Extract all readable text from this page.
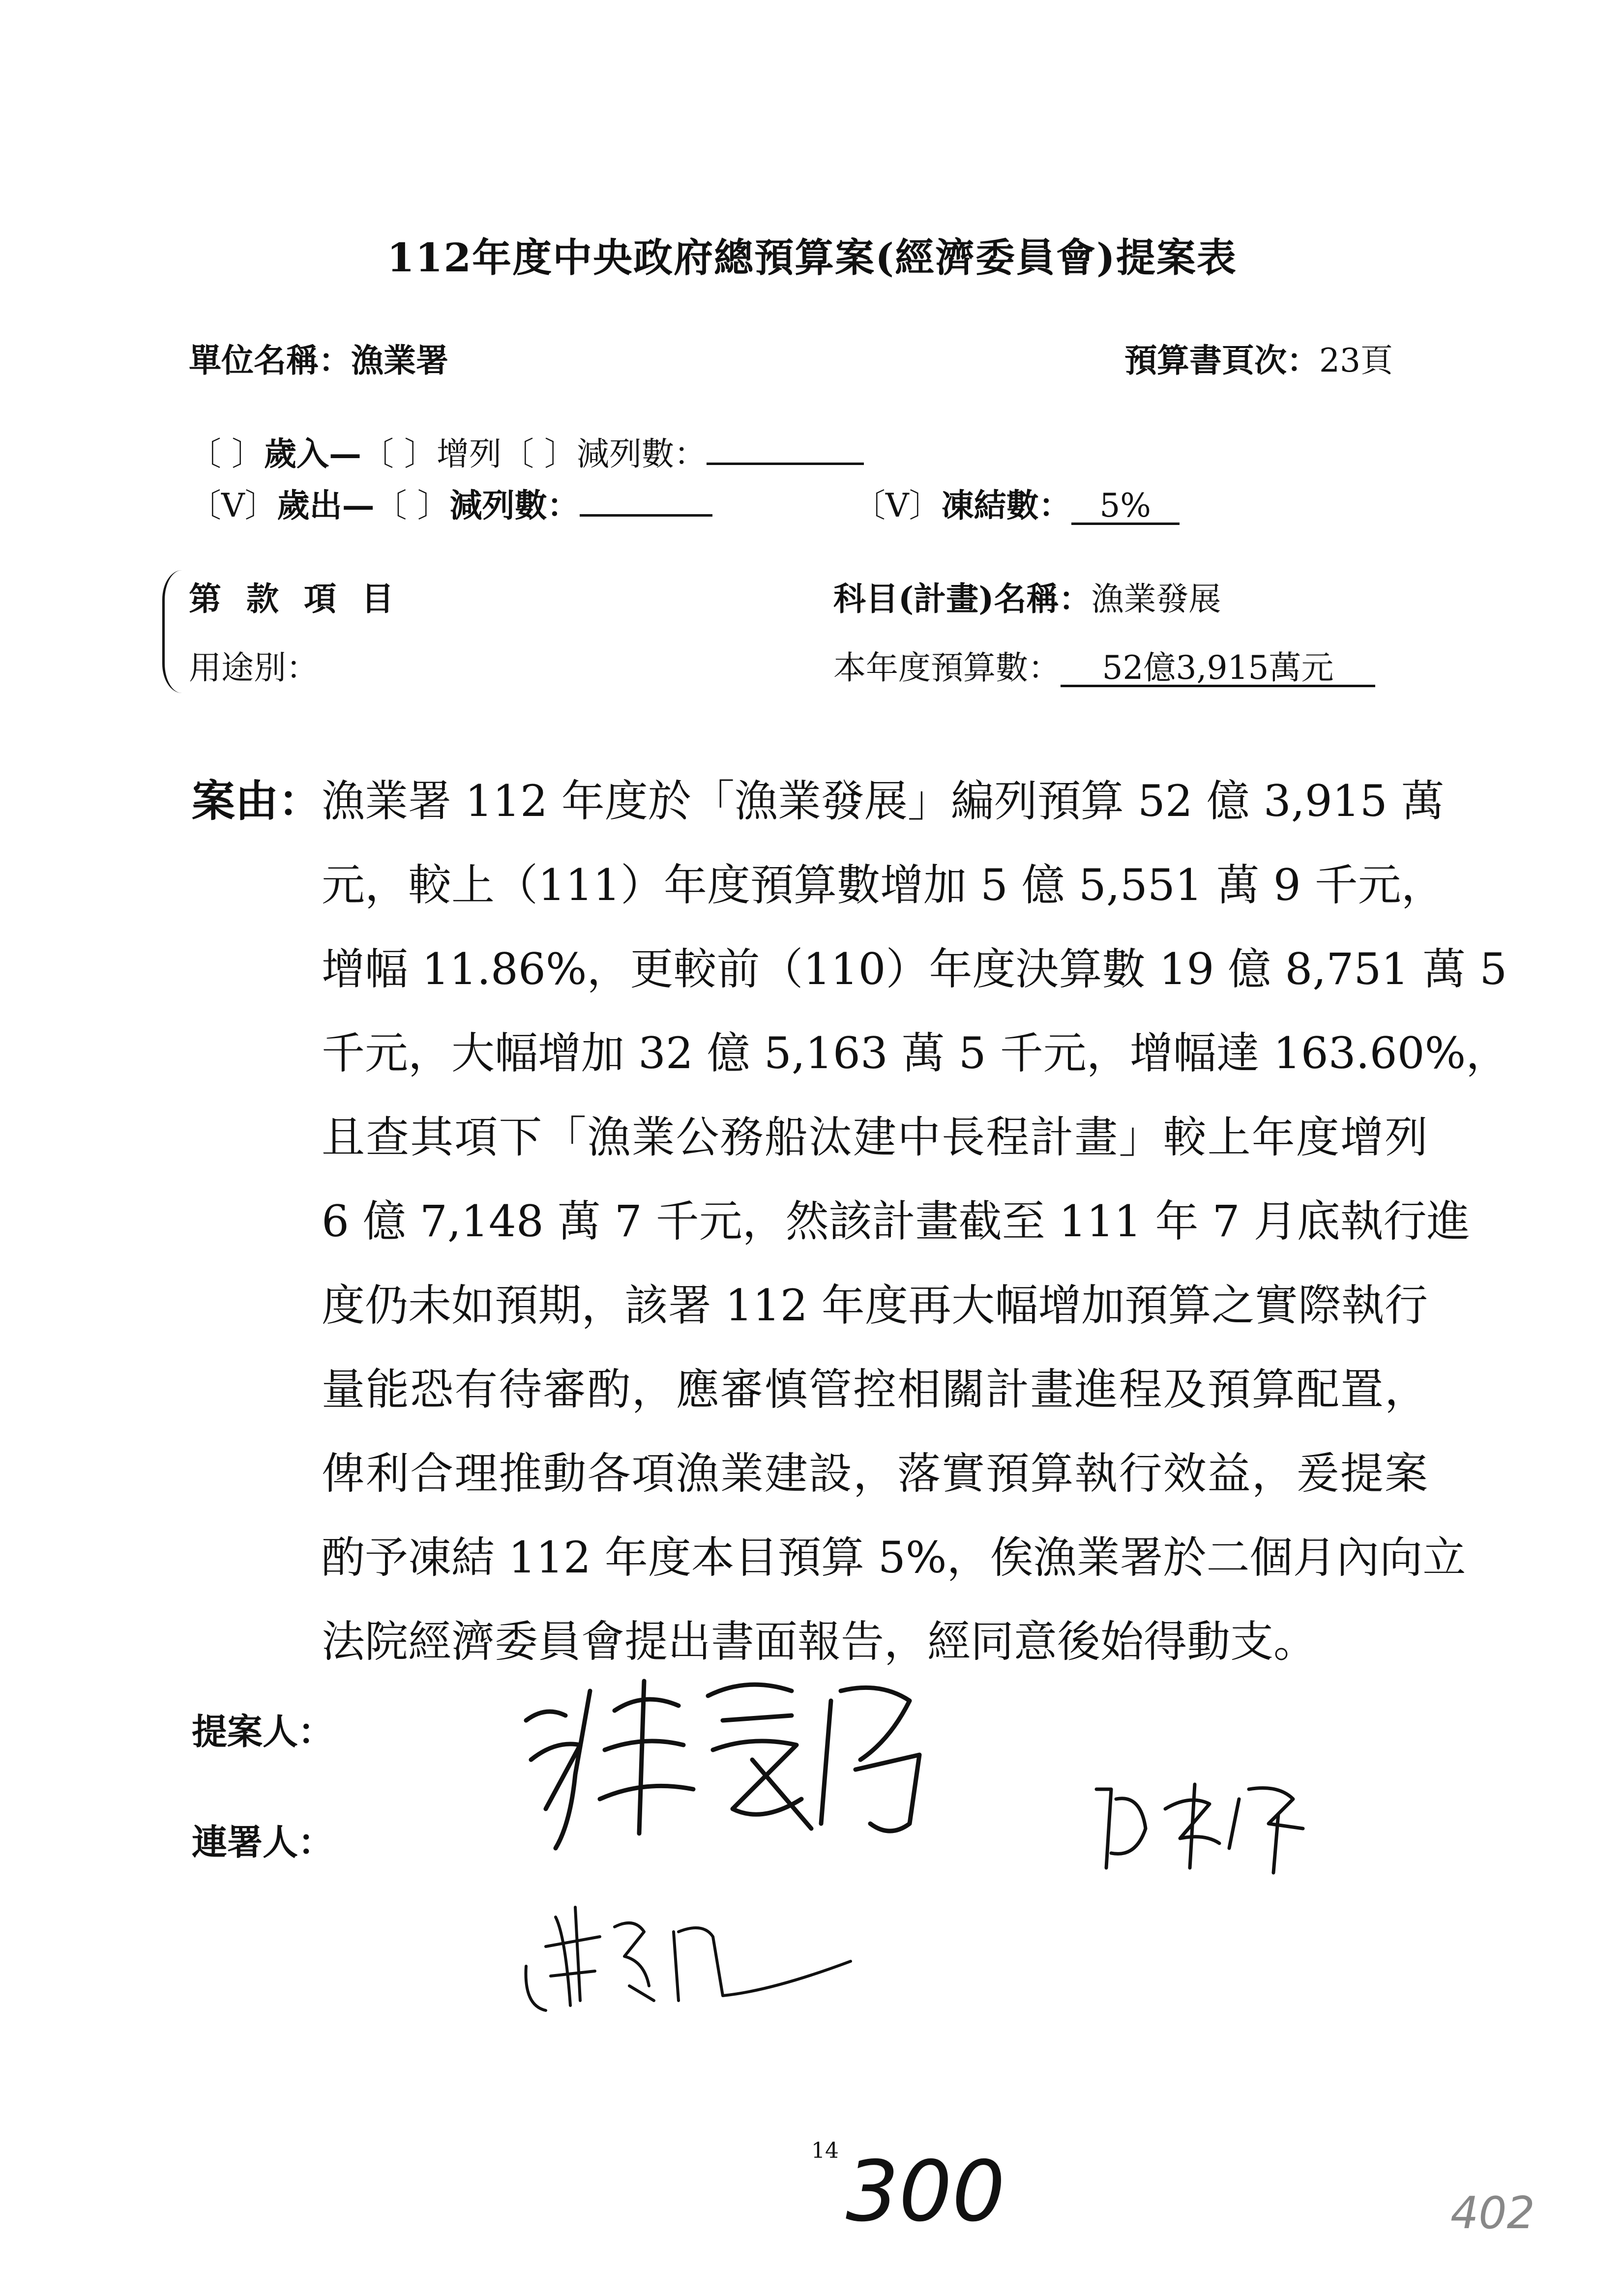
112年度中央政府總預算案(經濟委員會)提案表
單位名稱：漁業署	預算書頁次：23頁
〔 〕歲入—〔 〕增列〔 〕減列數：
〔V〕歲出—〔 〕減列數：	〔V〕凍結數： 5%
第 款 項 目
用途別：
科目(計畫)名稱：漁業發展
本年度預算數： 52億3,915萬元
案由： 漁業署 112 年度於「漁業發展」編列預算 52 億 3,915 萬
元，較上（111）年度預算數增加 5 億 5,551 萬 9 千元，
增幅 11.86%，更較前（110）年度決算數 19 億 8,751 萬 5
千元，大幅增加 32 億 5,163 萬 5 千元，增幅達 163.60%，
且查其項下「漁業公務船汰建中長程計畫」較上年度增列
6 億 7,148 萬 7 千元，然該計畫截至 111 年 7 月底執行進
度仍未如預期，該署 112 年度再大幅增加預算之實際執行
量能恐有待審酌，應審慎管控相關計畫進程及預算配置，
俾利合理推動各項漁業建設，落實預算執行效益，爰提案
酌予凍結 112 年度本目預算 5%，俟漁業署於二個月內向立
法院經濟委員會提出書面報告，經同意後始得動支。
提案人：
連署人：
14 300	402
